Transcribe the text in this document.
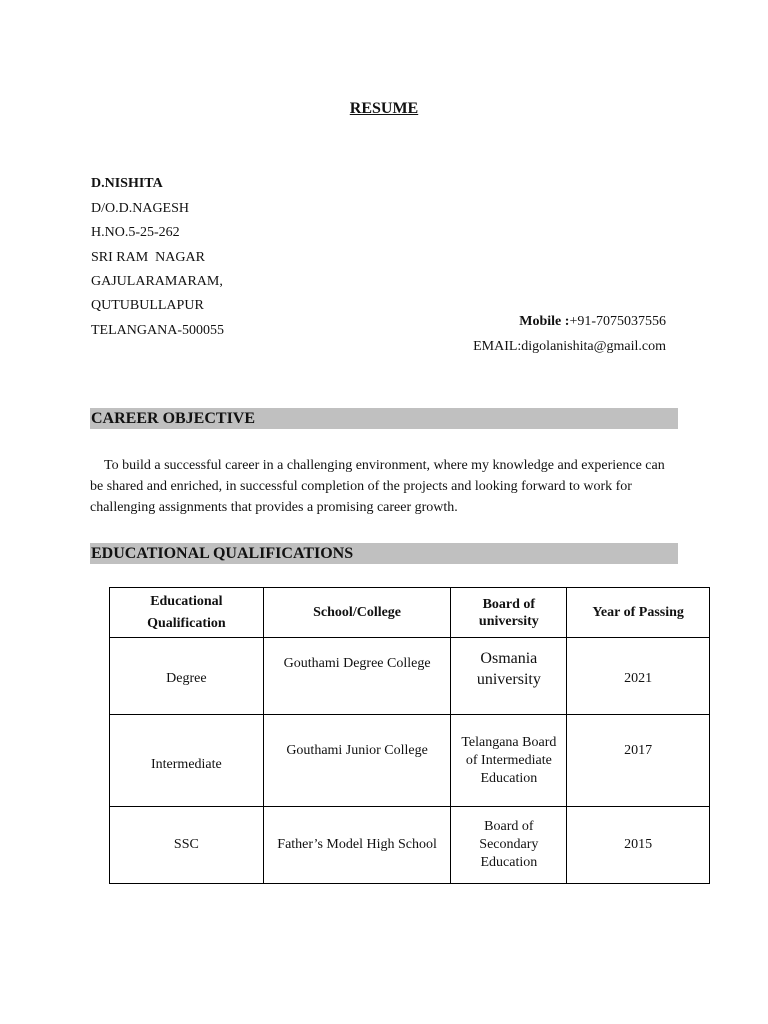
RESUME
D.NISHITA
D/O.D.NAGESH
H.NO.5-25-262
SRI RAM  NAGAR
GAJULARAMARAM,
QUTUBULLAPUR
TELANGANA-500055

Mobile :+91-7075037556

EMAIL:digolanishita@gmail.com

CAREER OBJECTIVE
To build a successful career in a challenging environment, where my knowledge and experience can be shared and enriched, in successful completion of the projects and looking forward to work for challenging assignments that provides a promising career growth.
EDUCATIONAL QUALIFICATIONS
Educational Qualification	School/College	Board of university	Year of Passing
Degree	Gouthami Degree College	Osmania university	2021
Intermediate	Gouthami Junior College	Telangana Board of Intermediate Education	2017
SSC	Father’s Model High School	Board of Secondary Education	2015
